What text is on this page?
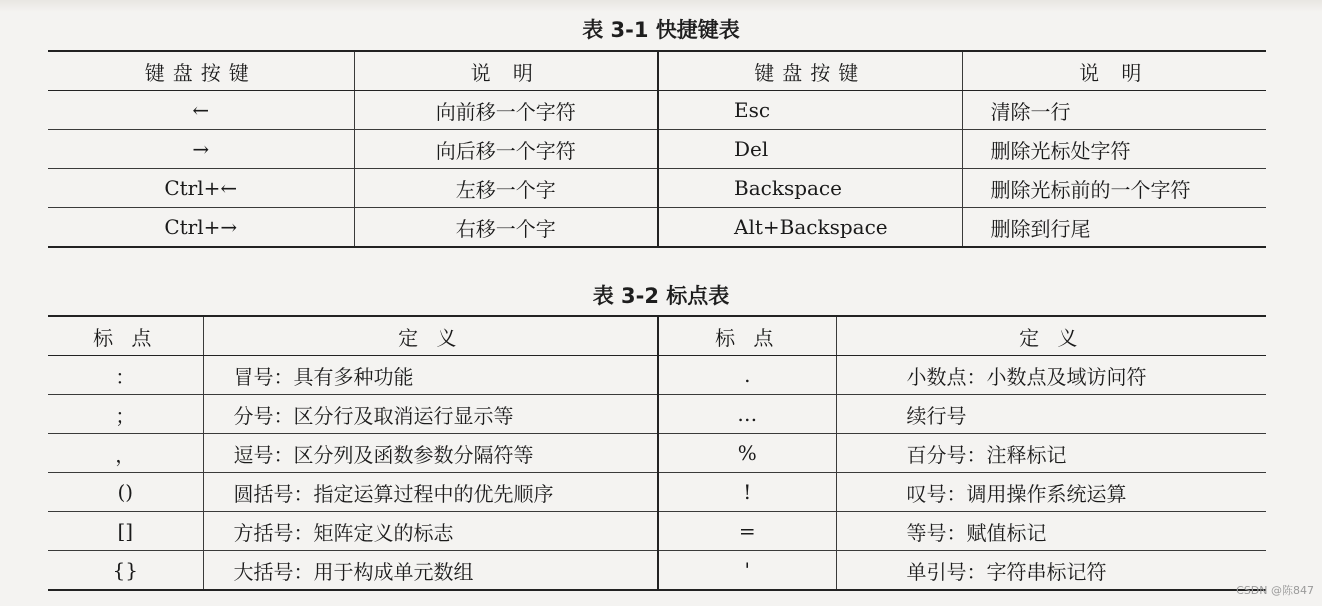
表 3-1 快捷键表
键盘按键	说 明	键盘按键	说 明
←	向前移一个字符	Esc	清除一行
→	向后移一个字符	Del	删除光标处字符
Ctrl+←	左移一个字	Backspace	删除光标前的一个字符
Ctrl+→	右移一个字	Alt+Backspace	删除到行尾
表 3-2 标点表
标 点	定 义	标 点	定 义
：	冒号：具有多种功能	.	小数点：小数点及域访问符
；	分号：区分行及取消运行显示等	…	续行号
，	逗号：区分列及函数参数分隔符等	%	百分号：注释标记
()	圆括号：指定运算过程中的优先顺序	!	叹号：调用操作系统运算
[]	方括号：矩阵定义的标志	=	等号：赋值标记
{}	大括号：用于构成单元数组	'	单引号：字符串标记符
CSDN @陈847
